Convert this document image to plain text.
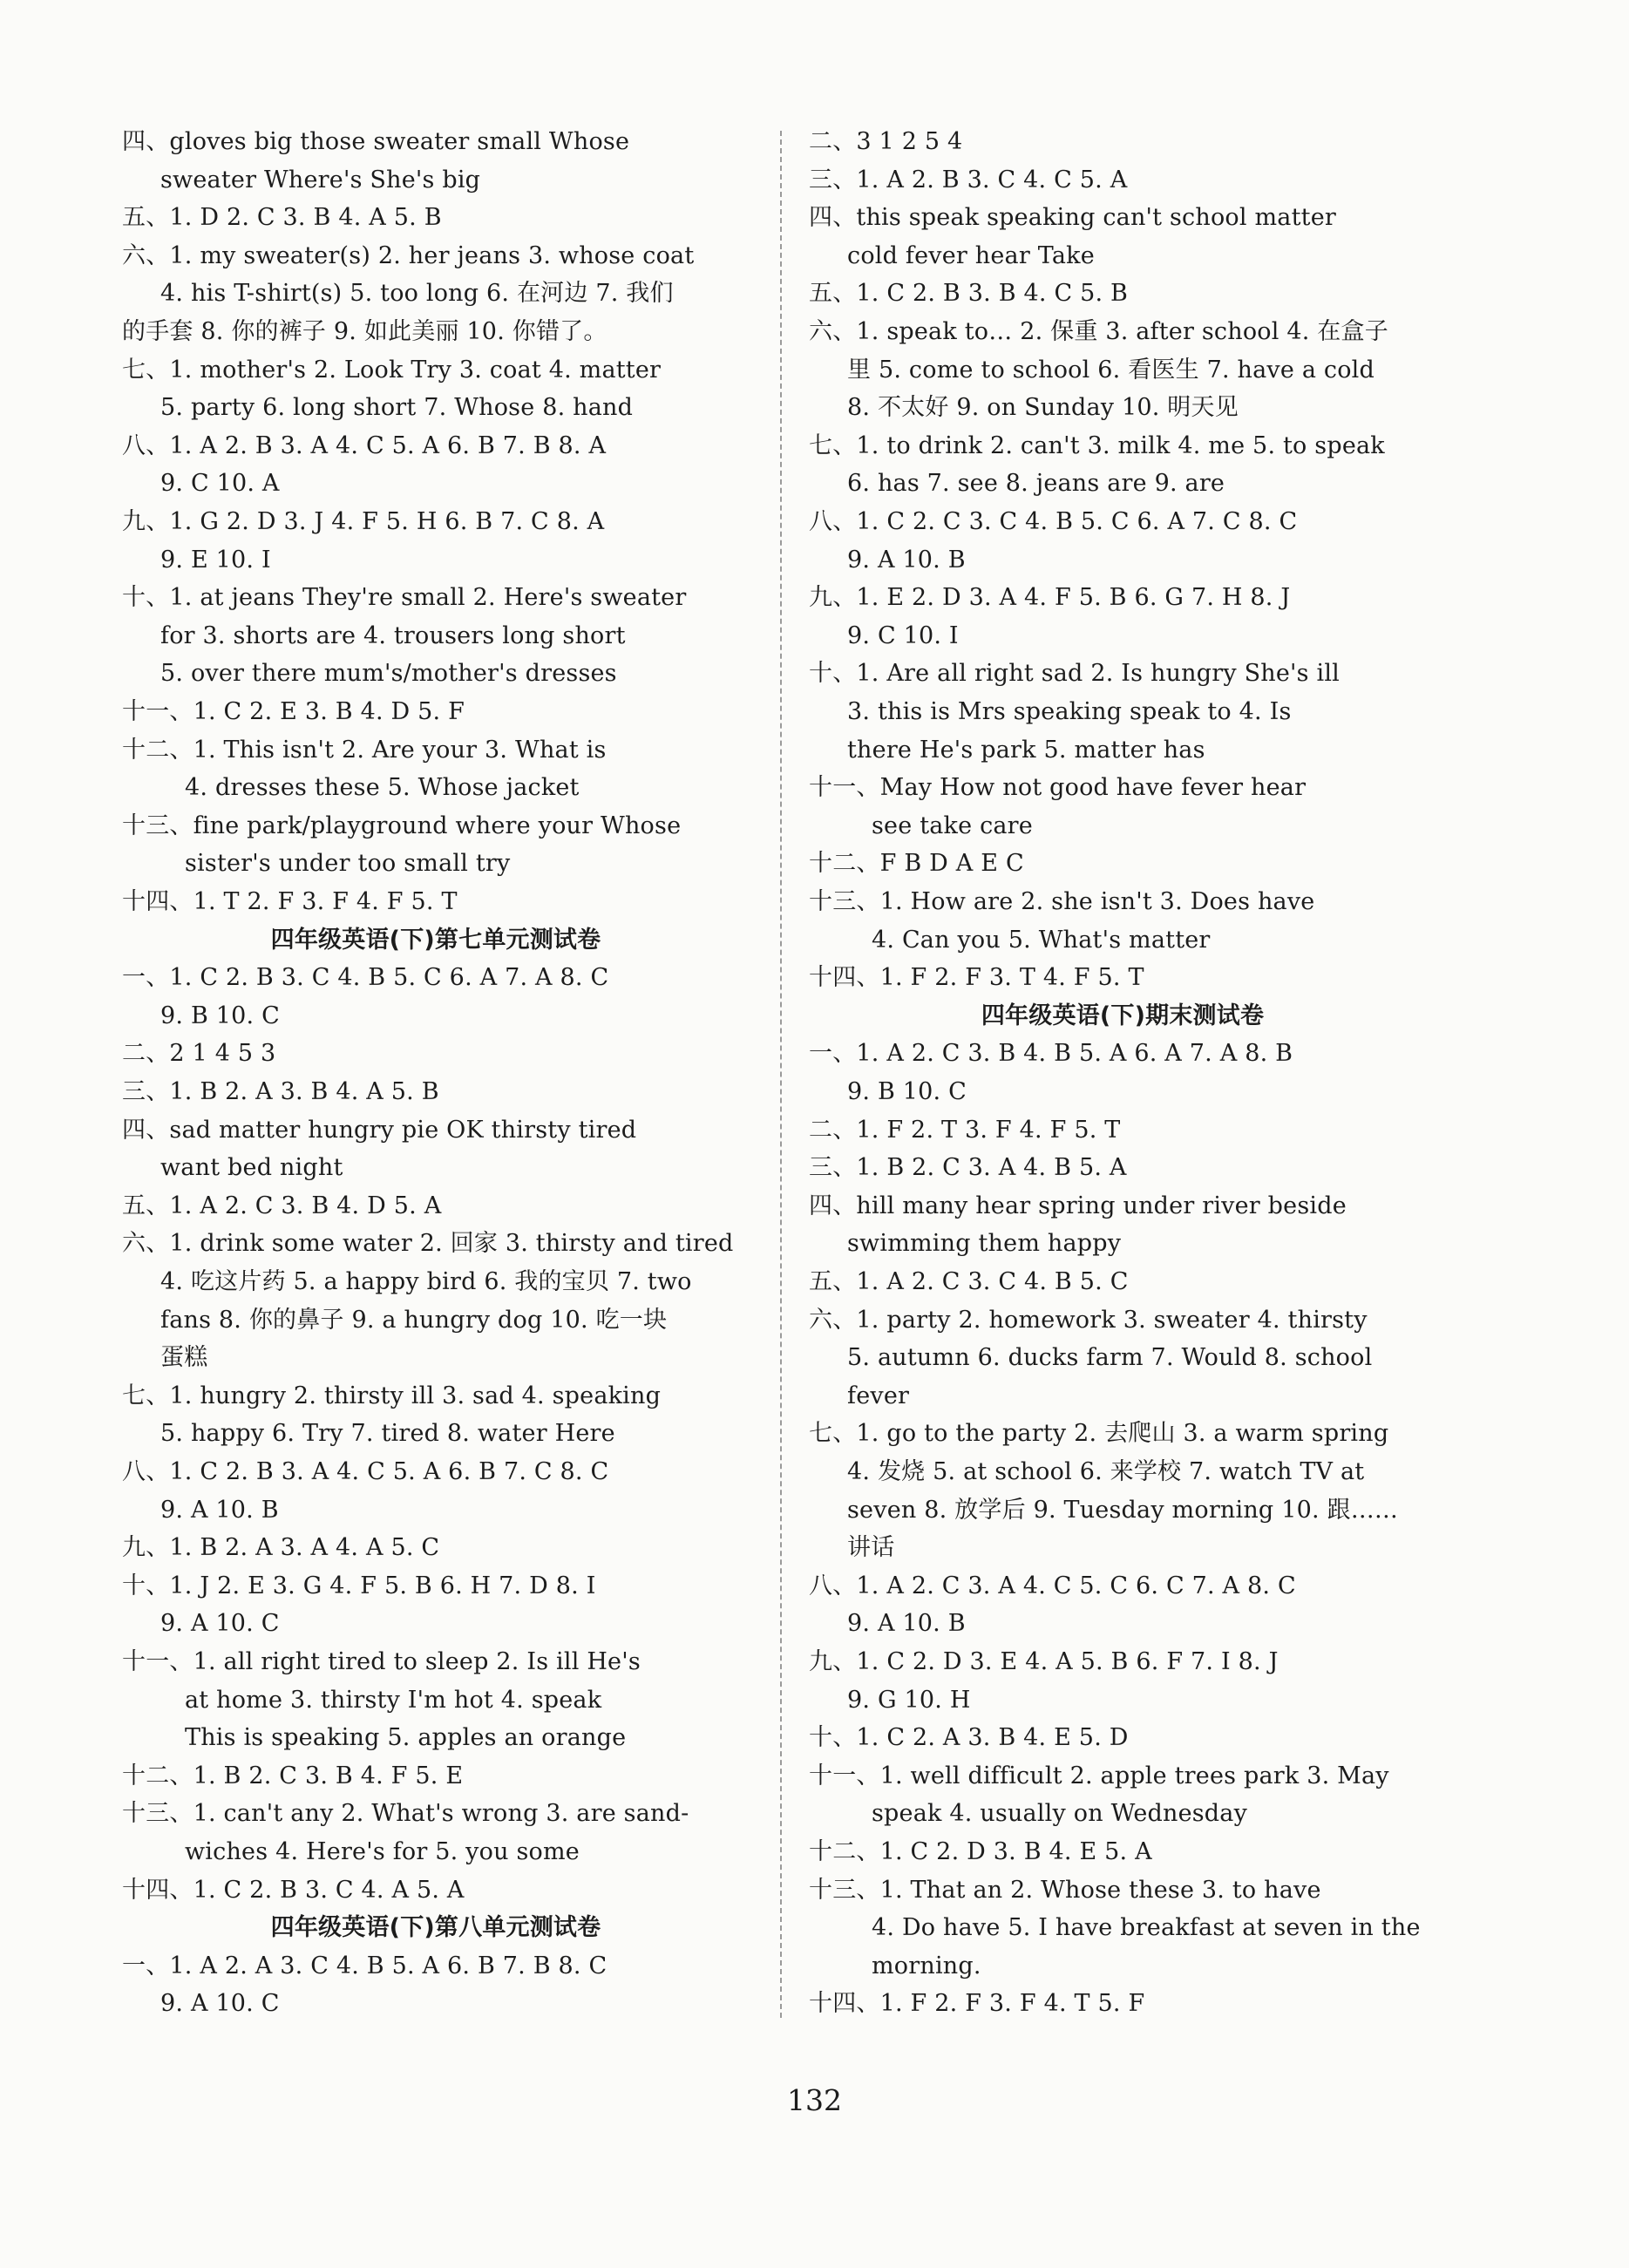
四、gloves big those sweater small Whose
sweater Where's She's big
五、1. D 2. C 3. B 4. A 5. B
六、1. my sweater(s) 2. her jeans 3. whose coat
4. his T-shirt(s) 5. too long 6. 在河边 7. 我们
的手套 8. 你的裤子 9. 如此美丽 10. 你错了。
七、1. mother's 2. Look Try 3. coat 4. matter
5. party 6. long short 7. Whose 8. hand
八、1. A 2. B 3. A 4. C 5. A 6. B 7. B 8. A
9. C 10. A
九、1. G 2. D 3. J 4. F 5. H 6. B 7. C 8. A
9. E 10. I
十、1. at jeans They're small 2. Here's sweater
for 3. shorts are 4. trousers long short
5. over there mum's/mother's dresses
十一、1. C 2. E 3. B 4. D 5. F
十二、1. This isn't 2. Are your 3. What is
4. dresses these 5. Whose jacket
十三、fine park/playground where your Whose
sister's under too small try
十四、1. T 2. F 3. F 4. F 5. T
四年级英语(下)第七单元测试卷
一、1. C 2. B 3. C 4. B 5. C 6. A 7. A 8. C
9. B 10. C
二、2 1 4 5 3
三、1. B 2. A 3. B 4. A 5. B
四、sad matter hungry pie OK thirsty tired
want bed night
五、1. A 2. C 3. B 4. D 5. A
六、1. drink some water 2. 回家 3. thirsty and tired
4. 吃这片药 5. a happy bird 6. 我的宝贝 7. two
fans 8. 你的鼻子 9. a hungry dog 10. 吃一块
蛋糕
七、1. hungry 2. thirsty ill 3. sad 4. speaking
5. happy 6. Try 7. tired 8. water Here
八、1. C 2. B 3. A 4. C 5. A 6. B 7. C 8. C
9. A 10. B
九、1. B 2. A 3. A 4. A 5. C
十、1. J 2. E 3. G 4. F 5. B 6. H 7. D 8. I
9. A 10. C
十一、1. all right tired to sleep 2. Is ill He's
at home 3. thirsty I'm hot 4. speak
This is speaking 5. apples an orange
十二、1. B 2. C 3. B 4. F 5. E
十三、1. can't any 2. What's wrong 3. are sand-
wiches 4. Here's for 5. you some
十四、1. C 2. B 3. C 4. A 5. A
四年级英语(下)第八单元测试卷
一、1. A 2. A 3. C 4. B 5. A 6. B 7. B 8. C
9. A 10. C
二、3 1 2 5 4
三、1. A 2. B 3. C 4. C 5. A
四、this speak speaking can't school matter
cold fever hear Take
五、1. C 2. B 3. B 4. C 5. B
六、1. speak to… 2. 保重 3. after school 4. 在盒子
里 5. come to school 6. 看医生 7. have a cold
8. 不太好 9. on Sunday 10. 明天见
七、1. to drink 2. can't 3. milk 4. me 5. to speak
6. has 7. see 8. jeans are 9. are
八、1. C 2. C 3. C 4. B 5. C 6. A 7. C 8. C
9. A 10. B
九、1. E 2. D 3. A 4. F 5. B 6. G 7. H 8. J
9. C 10. I
十、1. Are all right sad 2. Is hungry She's ill
3. this is Mrs speaking speak to 4. Is
there He's park 5. matter has
十一、May How not good have fever hear
see take care
十二、F B D A E C
十三、1. How are 2. she isn't 3. Does have
4. Can you 5. What's matter
十四、1. F 2. F 3. T 4. F 5. T
四年级英语(下)期末测试卷
一、1. A 2. C 3. B 4. B 5. A 6. A 7. A 8. B
9. B 10. C
二、1. F 2. T 3. F 4. F 5. T
三、1. B 2. C 3. A 4. B 5. A
四、hill many hear spring under river beside
swimming them happy
五、1. A 2. C 3. C 4. B 5. C
六、1. party 2. homework 3. sweater 4. thirsty
5. autumn 6. ducks farm 7. Would 8. school
fever
七、1. go to the party 2. 去爬山 3. a warm spring
4. 发烧 5. at school 6. 来学校 7. watch TV at
seven 8. 放学后 9. Tuesday morning 10. 跟……
讲话
八、1. A 2. C 3. A 4. C 5. C 6. C 7. A 8. C
9. A 10. B
九、1. C 2. D 3. E 4. A 5. B 6. F 7. I 8. J
9. G 10. H
十、1. C 2. A 3. B 4. E 5. D
十一、1. well difficult 2. apple trees park 3. May
speak 4. usually on Wednesday
十二、1. C 2. D 3. B 4. E 5. A
十三、1. That an 2. Whose these 3. to have
4. Do have 5. I have breakfast at seven in the
morning.
十四、1. F 2. F 3. F 4. T 5. F
132
